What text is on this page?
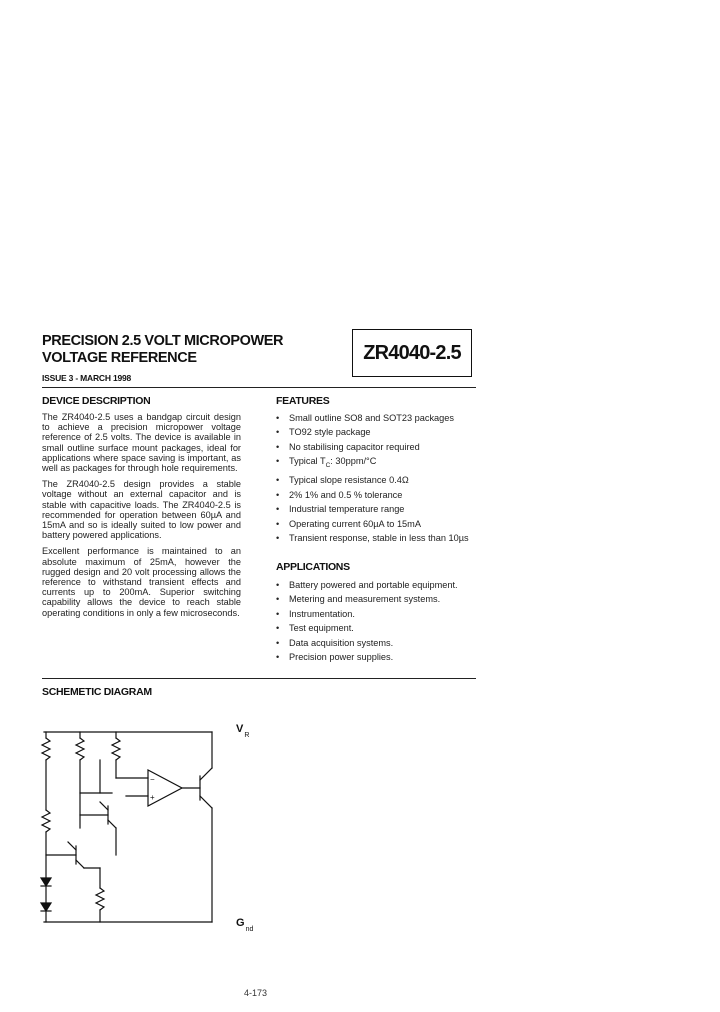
PRECISION 2.5 VOLT MICROPOWER
VOLTAGE REFERENCE
ISSUE 3 - MARCH 1998
ZR4040-2.5
DEVICE DESCRIPTION

The ZR4040-2.5 uses a bandgap circuit design to achieve a precision micropower voltage reference of 2.5 volts. The device is available in small outline surface mount packages, ideal for applications where space saving is important, as well as packages for through hole requirements.

The ZR4040-2.5 design provides a stable voltage without an external capacitor and is stable with capacitive loads. The ZR4040-2.5 is recommended for operation between 60µA and 15mA and so is ideally suited to low power and battery powered applications.

Excellent performance is maintained to an absolute maximum of 25mA, however the rugged design and 20 volt processing allows the reference to withstand transient effects and currents up to 200mA. Superior switching capability allows the device to reach stable operating conditions in only a few microseconds.

FEATURES
• Small outline SO8 and SOT23 packages
• TO92 style package
• No stabilising capacitor required
• Typical $T_C$: 30ppm/°C
• Typical slope resistance 0.4Ω
• 2% 1% and 0.5 % tolerance
• Industrial temperature range
• Operating current 60µA to 15mA
• Transient response, stable in less than 10µs
APPLICATIONS
• Battery powered and portable equipment.
• Metering and measurement systems.
• Instrumentation.
• Test equipment.
• Data acquisition systems.
• Precision power supplies.
SCHEMETIC DIAGRAM
−
+
$V_R$
$G_{nd}$
4-173
